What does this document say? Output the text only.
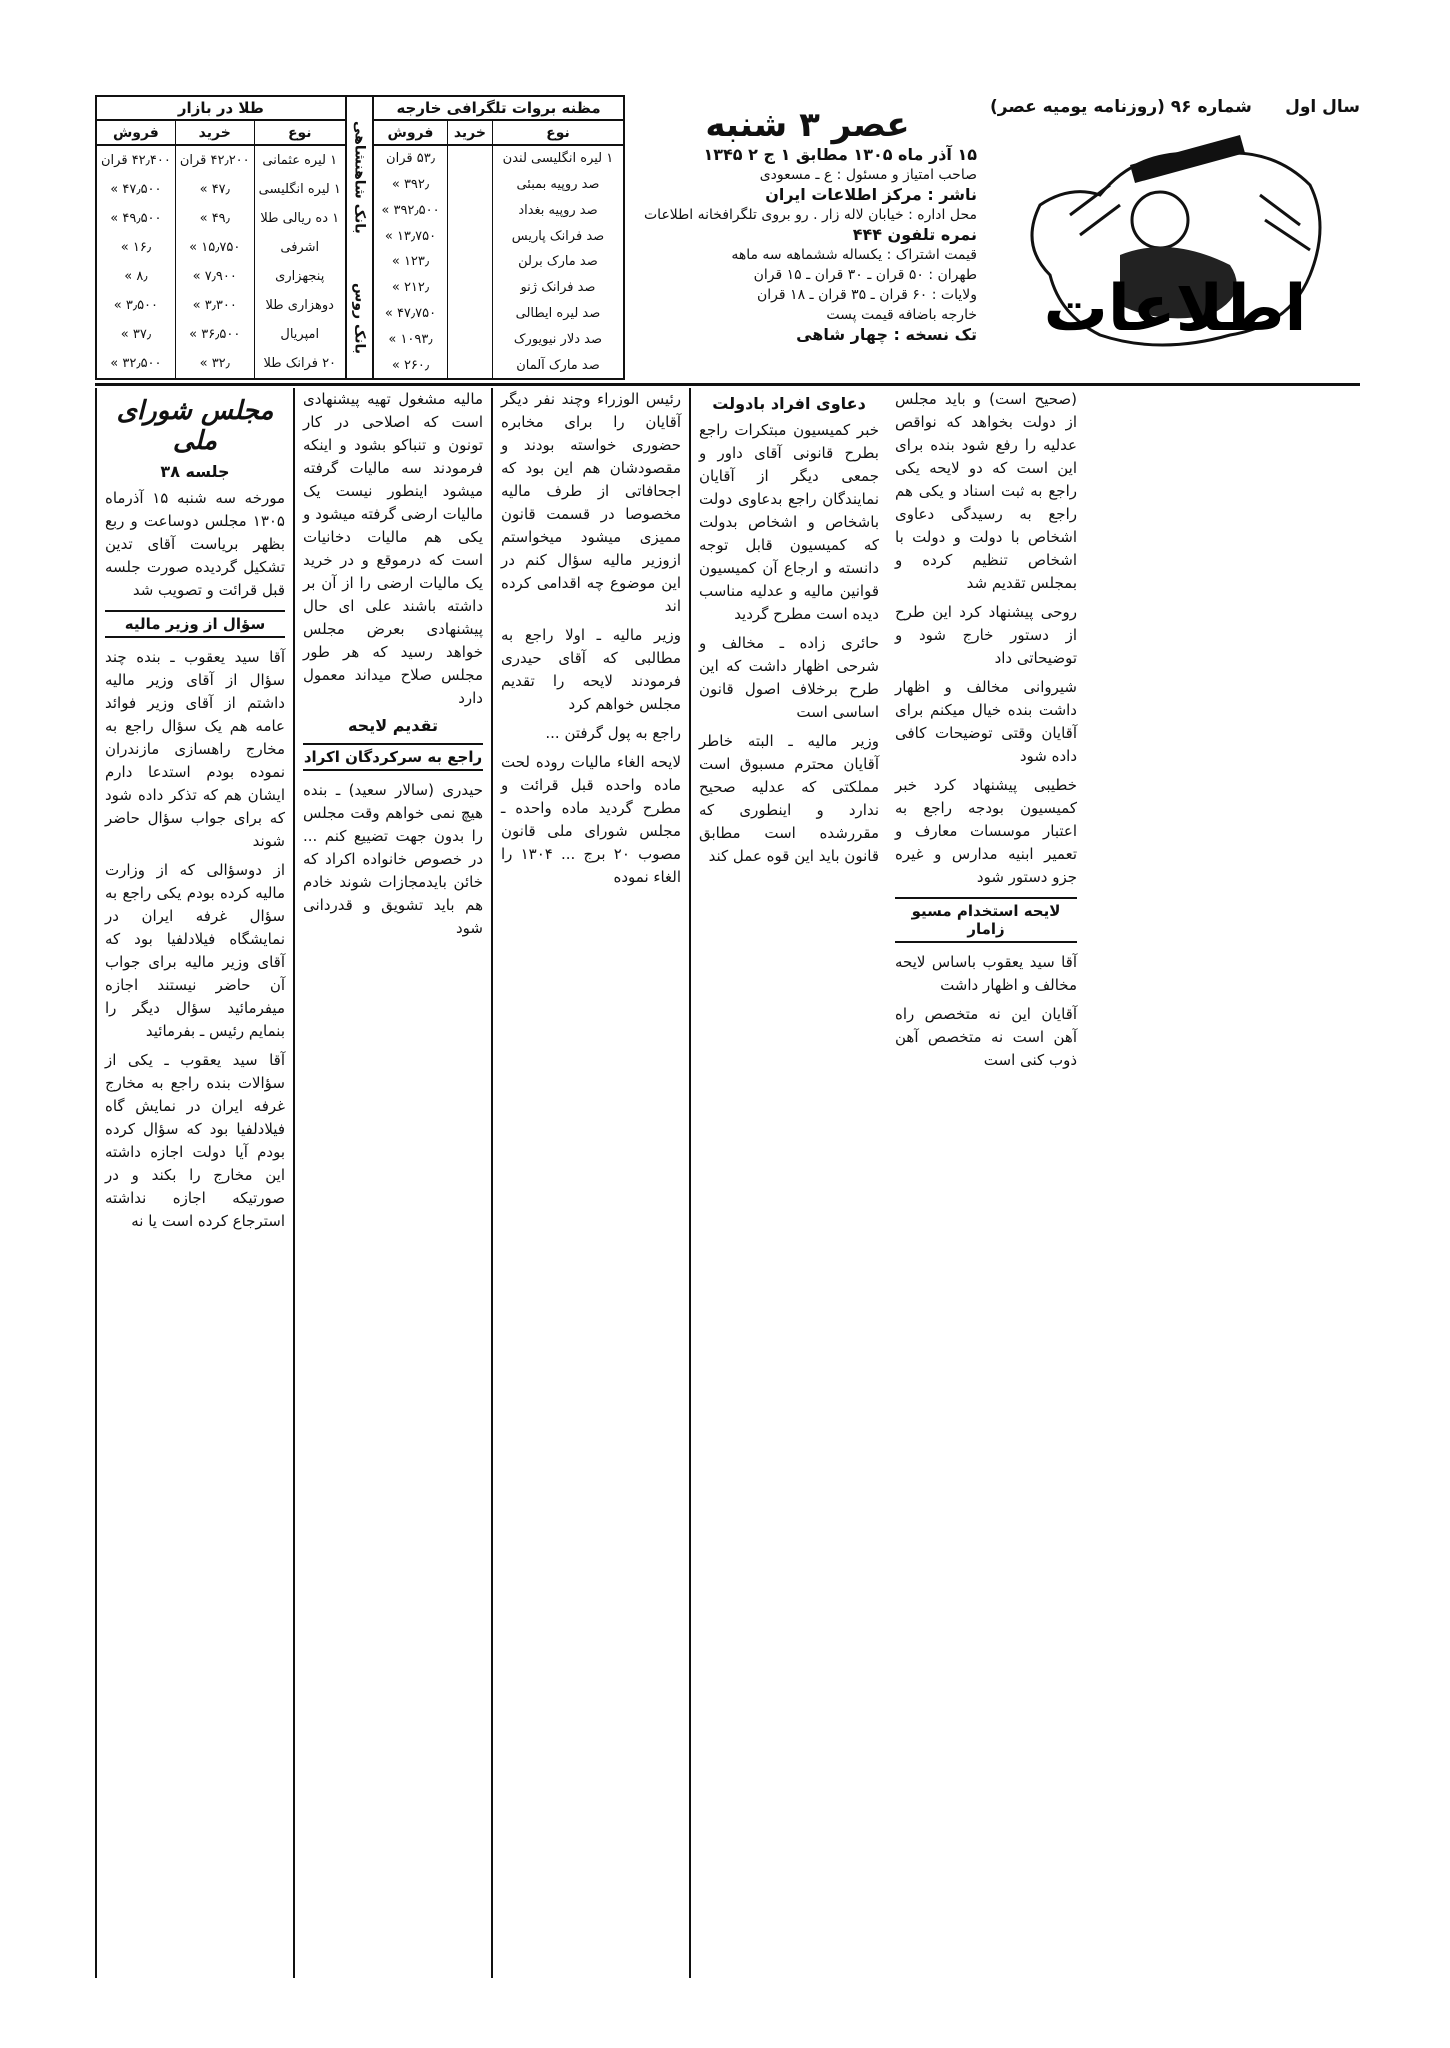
سال اول
شماره ۹۶ (روزنامه یومیه عصر)
اطلاعات
عصر ۳ شنبه
۱۵ آذر ماه ۱۳۰۵ مطابق ۱ ج ۲ ۱۳۴۵
صاحب امتیاز و مسئول : ع ـ مسعودی
ناشر : مرکز اطلاعات ایران
محل اداره : خیابان لاله زار . رو بروی تلگرافخانه اطلاعات
نمره تلفون ۴۴۴
قیمت اشتراک : یکساله ششماهه سه ماهه
طهران : ۵۰ قران ـ ۳۰ قران ـ ۱۵ قران
ولایات : ۶۰ قران ـ ۳۵ قران ـ ۱۸ قران
خارجه باضافه قیمت پست
تک نسخه : چهار شاهی
مظنه بروات تلگرافی خارجه
نوع	خرید	فروش
۱ لیره انگلیسی لندن		۵۳٫ قران
صد روپیه بمبئی		۳۹۲٫ »
صد روپیه بغداد		۳۹۲٫۵۰۰ »
صد فرانک پاریس		۱۳٫۷۵۰ »
صد مارک برلن		۱۲۳٫ »
صد فرانک ژنو		۲۱۲٫ »
صد لیره ایطالی		۴۷٫۷۵۰ »
صد دلار نیویورک		۱۰۹۳٫ »
صد مارک آلمان		۲۶۰٫ »
بانک شاهنشاهی
بانک روس
طلا در بازار
نوع	خرید	فروش
۱ لیره عثمانی	۴۲٫۲۰۰ قران	۴۲٫۴۰۰ قران
۱ لیره انگلیسی	۴۷٫ »	۴۷٫۵۰۰ »
۱ ده ریالی طلا	۴۹٫ »	۴۹٫۵۰۰ »
اشرفی	۱۵٫۷۵۰ »	۱۶٫ »
پنجهزاری	۷٫۹۰۰ »	۸٫ »
دوهزاری طلا	۳٫۳۰۰ »	۳٫۵۰۰ »
امپریال	۳۶٫۵۰۰ »	۳۷٫ »
۲۰ فرانک طلا	۳۲٫ »	۳۲٫۵۰۰ »
مجلس شورای ملی
جلسه ۳۸

مورخه سه شنبه ۱۵ آذرماه ۱۳۰۵ مجلس دوساعت و ربع بظهر بریاست آقای تدین تشکیل گردیده صورت جلسه قبل قرائت و تصویب شد

سؤال از وزیر مالیه

آقا سید یعقوب ـ بنده چند سؤال از آقای وزیر مالیه داشتم از آقای وزیر فوائد عامه هم یک سؤال راجع به مخارج راهسازی مازندران نموده بودم استدعا دارم ایشان هم که تذکر داده شود که برای جواب سؤال حاضر شوند

از دوسؤالی که از وزارت مالیه کرده بودم یکی راجع به سؤال غرفه ایران در نمایشگاه فیلادلفیا بود که آقای وزیر مالیه برای جواب آن حاضر نیستند اجازه میفرمائید سؤال دیگر را بنمایم رئیس ـ بفرمائید

آقا سید یعقوب ـ یکی از سؤالات بنده راجع به مخارج غرفه ایران در نمایش گاه فیلادلفیا بود که سؤال کرده بودم آیا دولت اجازه داشته این مخارج را بکند و در صورتیکه اجازه نداشته استرجاع کرده است یا نه

مالیه مشغول تهیه پیشنهادی است که اصلاحی در کار تونون و تنباکو بشود و اینکه فرمودند سه مالیات گرفته میشود اینطور نیست یک مالیات ارضی گرفته میشود و یکی هم مالیات دخانیات است که درموقع و در خرید یک مالیات ارضی را از آن بر داشته باشند علی ای حال پیشنهادی بعرض مجلس خواهد رسید که هر طور مجلس صلاح میداند معمول دارد

تقدیم لایحه
راجع به سرکردگان اکراد

حیدری (سالار سعید) ـ بنده هیچ نمی خواهم وقت مجلس را بدون جهت تضییع کنم ... در خصوص خانواده اکراد که خائن بایدمجازات شوند خادم هم باید تشویق و قدردانی شود

رئیس الوزراء وچند نفر دیگر آقایان را برای مخابره حضوری خواسته بودند و مقصودشان هم این بود که اجحافاتی از طرف مالیه مخصوصا در قسمت قانون ممیزی میشود میخواستم ازوزیر مالیه سؤال کنم در این موضوع چه اقدامی کرده اند

وزیر مالیه ـ اولا راجع به مطالبی که آقای حیدری فرمودند لایحه را تقدیم مجلس خواهم کرد

راجع به پول گرفتن ...

لایحه الغاء مالیات روده لحت ماده واحده قبل قرائت و مطرح گردید ماده واحده ـ مجلس شورای ملی قانون مصوب ۲۰ برج ... ۱۳۰۴ را الغاء نموده

دعاوی افراد بادولت

خبر کمیسیون مبتکرات راجع بطرح قانونی آقای داور و جمعی دیگر از آقایان نمایندگان راجع بدعاوی دولت باشخاص و اشخاص بدولت که کمیسیون قابل توجه دانسته و ارجاع آن کمیسیون قوانین مالیه و عدلیه مناسب دیده است مطرح گردید

حائری زاده ـ مخالف و شرحی اظهار داشت که این طرح برخلاف اصول قانون اساسی است

وزیر مالیه ـ البته خاطر آقایان محترم مسبوق است مملکتی که عدلیه صحیح ندارد و اینطوری که مقررشده است مطابق قانون باید این قوه عمل کند

(صحیح است) و باید مجلس از دولت بخواهد که نواقص عدلیه را رفع شود بنده برای این است که دو لایحه یکی راجع به ثبت اسناد و یکی هم راجع به رسیدگی دعاوی اشخاص با دولت و دولت با اشخاص تنظیم کرده و بمجلس تقدیم شد

روحی پیشنهاد کرد این طرح از دستور خارج شود و توضیحاتی داد

شیروانی مخالف و اظهار داشت بنده خیال میکنم برای آقایان وقتی توضیحات کافی داده شود

خطیبی پیشنهاد کرد خبر کمیسیون بودجه راجع به اعتبار موسسات معارف و تعمیر ابنیه مدارس و غیره جزو دستور شود

لایحه استخدام مسیو زامار

آقا سید یعقوب باساس لایحه مخالف و اظهار داشت

آقایان این نه متخصص راه آهن است نه متخصص آهن ذوب کنی است
